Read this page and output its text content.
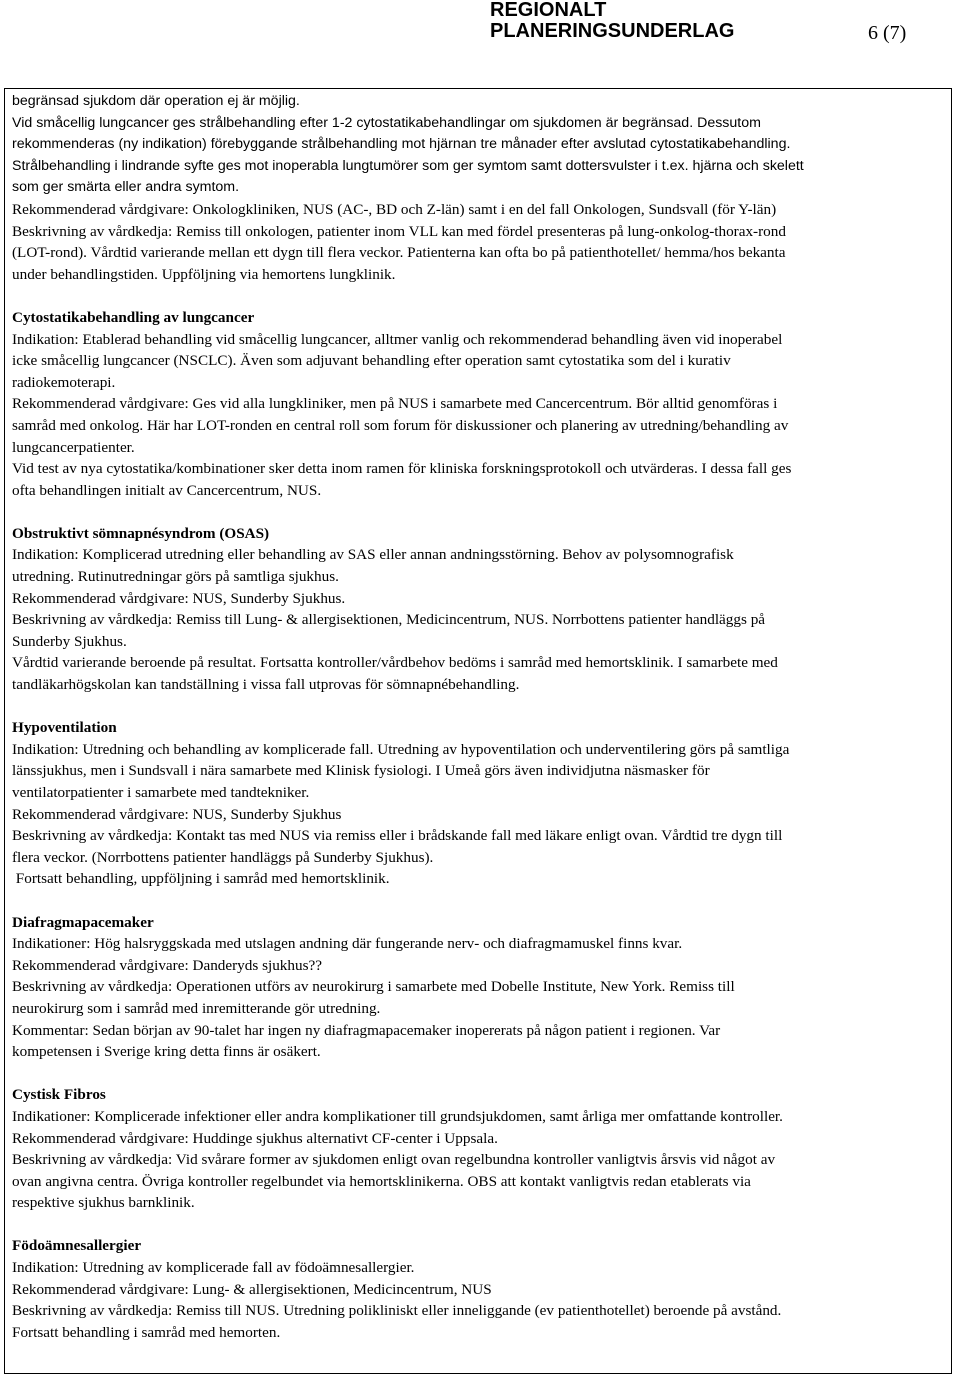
REGIONALT
PLANERINGSUNDERLAG	6 (7)
begränsad sjukdom där operation ej är möjlig.
Vid småcellig lungcancer ges strålbehandling efter 1-2 cytostatikabehandlingar om sjukdomen är begränsad. Dessutom
rekommenderas (ny indikation) förebyggande strålbehandling mot hjärnan tre månader efter avslutad cytostatikabehandling.
Strålbehandling i lindrande syfte ges mot inoperabla lungtumörer som ger symtom samt dottersvulster i t.ex. hjärna och skelett
som ger smärta eller andra symtom.
Rekommenderad vårdgivare: Onkologkliniken, NUS (AC-, BD och Z-län) samt i en del fall Onkologen, Sundsvall (för Y-län)
Beskrivning av vårdkedja: Remiss till onkologen, patienter inom VLL kan med fördel presenteras på lung-onkolog-thorax-rond
(LOT-rond). Vårdtid varierande mellan ett dygn till flera veckor. Patienterna kan ofta bo på patienthotellet/ hemma/hos bekanta
under behandlingstiden. Uppföljning via hemortens lungklinik.
Cytostatikabehandling av lungcancer
Indikation: Etablerad behandling vid småcellig lungcancer, alltmer vanlig och rekommenderad behandling även vid inoperabel
icke småcellig lungcancer (NSCLC). Även som adjuvant behandling efter operation samt cytostatika som del i kurativ
radiokemoterapi.
Rekommenderad vårdgivare: Ges vid alla lungkliniker, men på NUS i samarbete med Cancercentrum. Bör alltid genomföras i
samråd med onkolog. Här har LOT-ronden en central roll som forum för diskussioner och planering av utredning/behandling av
lungcancerpatienter.
Vid test av nya cytostatika/kombinationer sker detta inom ramen för kliniska forskningsprotokoll och utvärderas. I dessa fall ges
ofta behandlingen initialt av Cancercentrum, NUS.
Obstruktivt sömnapnésyndrom (OSAS)
Indikation: Komplicerad utredning eller behandling av SAS eller annan andningsstörning. Behov av polysomnografisk
utredning. Rutinutredningar görs på samtliga sjukhus.
Rekommenderad vårdgivare: NUS, Sunderby Sjukhus.
Beskrivning av vårdkedja: Remiss till Lung- & allergisektionen, Medicincentrum, NUS. Norrbottens patienter handläggs på
Sunderby Sjukhus.
Vårdtid varierande beroende på resultat. Fortsatta kontroller/vårdbehov bedöms i samråd med hemortsklinik. I samarbete med
tandläkarhögskolan kan tandställning i vissa fall utprovas för sömnapnébehandling.
Hypoventilation
Indikation: Utredning och behandling av komplicerade fall. Utredning av hypoventilation och underventilering görs på samtliga
länssjukhus, men i Sundsvall i nära samarbete med Klinisk fysiologi. I Umeå görs även individjutna näsmasker för
ventilatorpatienter i samarbete med tandtekniker.
Rekommenderad vårdgivare: NUS, Sunderby Sjukhus
Beskrivning av vårdkedja: Kontakt tas med NUS via remiss eller i brådskande fall med läkare enligt ovan. Vårdtid tre dygn till
flera veckor. (Norrbottens patienter handläggs på Sunderby Sjukhus).
Fortsatt behandling, uppföljning i samråd med hemortsklinik.
Diafragmapacemaker
Indikationer: Hög halsryggskada med utslagen andning där fungerande nerv- och diafragmamuskel finns kvar.
Rekommenderad vårdgivare: Danderyds sjukhus??
Beskrivning av vårdkedja: Operationen utförs av neurokirurg i samarbete med Dobelle Institute, New York. Remiss till
neurokirurg som i samråd med inremitterande gör utredning.
Kommentar: Sedan början av 90-talet har ingen ny diafragmapacemaker inopererats på någon patient i regionen. Var
kompetensen i Sverige kring detta finns är osäkert.
Cystisk Fibros
Indikationer: Komplicerade infektioner eller andra komplikationer till grundsjukdomen, samt årliga mer omfattande kontroller.
Rekommenderad vårdgivare: Huddinge sjukhus alternativt CF-center i Uppsala.
Beskrivning av vårdkedja: Vid svårare former av sjukdomen enligt ovan regelbundna kontroller vanligtvis årsvis vid något av
ovan angivna centra. Övriga kontroller regelbundet via hemortsklinikerna. OBS att kontakt vanligtvis redan etablerats via
respektive sjukhus barnklinik.
Födoämnesallergier
Indikation: Utredning av komplicerade fall av födoämnesallergier.
Rekommenderad vårdgivare: Lung- & allergisektionen, Medicincentrum, NUS
Beskrivning av vårdkedja: Remiss till NUS. Utredning polikliniskt eller inneliggande (ev patienthotellet) beroende på avstånd.
Fortsatt behandling i samråd med hemorten.
